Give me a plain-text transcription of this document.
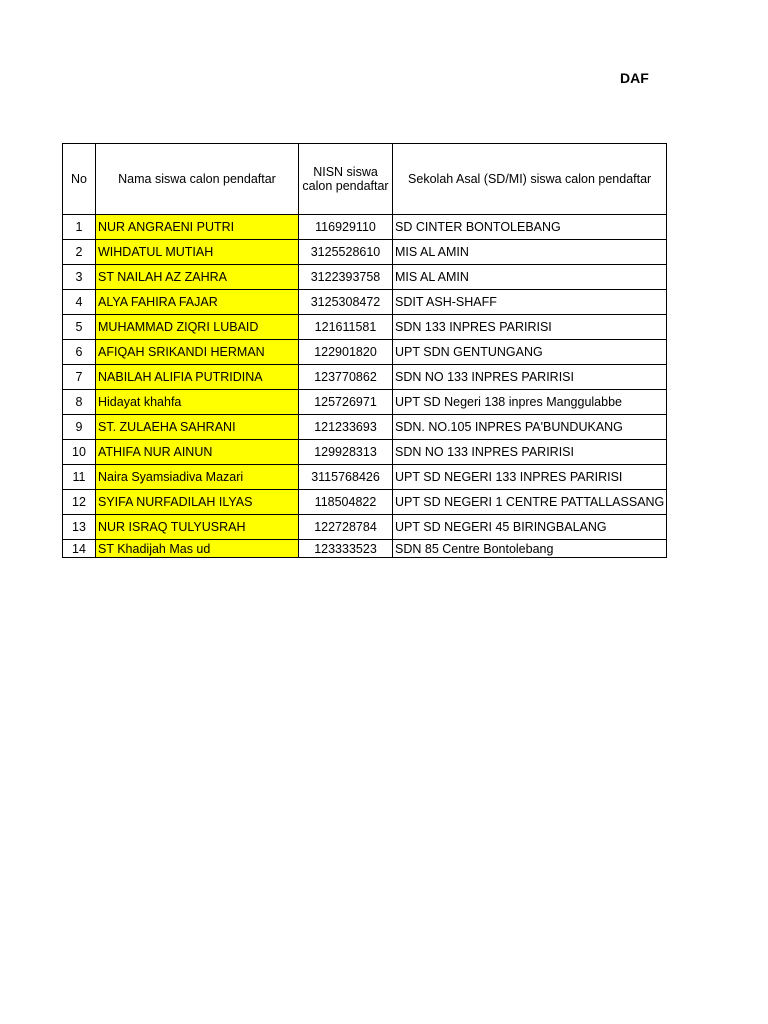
DAF
No	Nama siswa calon pendaftar	NISN siswa calon pendaftar	Sekolah Asal (SD/MI) siswa calon pendaftar
1	NUR ANGRAENI PUTRI	116929110	SD CINTER BONTOLEBANG
2	WIHDATUL MUTIAH	3125528610	MIS AL AMIN
3	ST NAILAH AZ ZAHRA	3122393758	MIS AL AMIN
4	ALYA FAHIRA FAJAR	3125308472	SDIT ASH-SHAFF
5	MUHAMMAD ZIQRI LUBAID	121611581	SDN 133 INPRES PARIRISI
6	AFIQAH SRIKANDI HERMAN	122901820	UPT SDN GENTUNGANG
7	NABILAH ALIFIA PUTRIDINA	123770862	SDN NO 133 INPRES PARIRISI
8	Hidayat khahfa	125726971	UPT SD Negeri 138 inpres Manggulabbe
9	ST. ZULAEHA SAHRANI	121233693	SDN. NO.105 INPRES PA'BUNDUKANG
10	ATHIFA NUR AINUN	129928313	SDN NO 133 INPRES PARIRISI
11	Naira Syamsiadiva Mazari	3115768426	UPT SD NEGERI 133 INPRES PARIRISI
12	SYIFA NURFADILAH ILYAS	118504822	UPT SD NEGERI 1 CENTRE PATTALLASSANG
13	NUR ISRAQ TULYUSRAH	122728784	UPT SD NEGERI 45 BIRINGBALANG
14	ST Khadijah Mas ud	123333523	SDN 85 Centre Bontolebang
